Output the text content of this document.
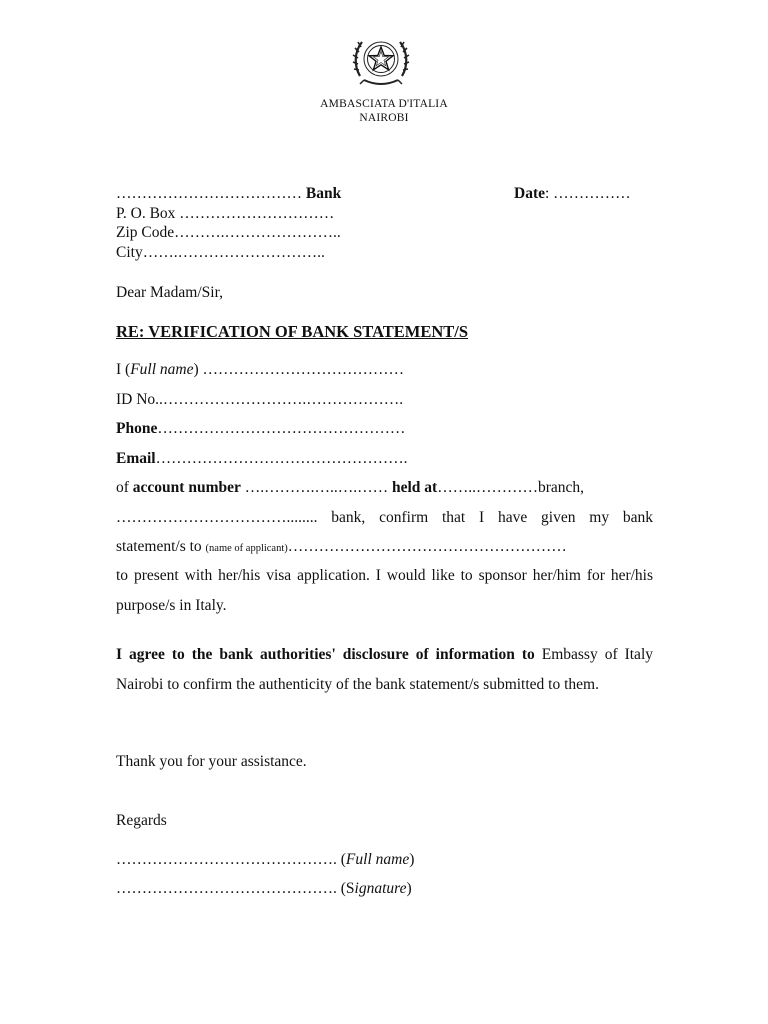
AMBASCIATA D'ITALIA
NAIROBI
……………………………… Bank	Date: ……………
P. O. Box …………………………
Zip Code……….…………………..
City…….………………………..
Dear Madam/Sir,
RE: VERIFICATION OF BANK STATEMENT/S
I (Full name) …………………………………
ID No..……………………….……………….
Phone…………………………………………
Email………………………………………….
of account number ….……….…..….…… held at……..…………branch,
……………………………........ bank, confirm that I have given my bank
statement/s to (name of applicant)………………………………………………
to present with her/his visa application. I would like to sponsor her/him for her/his purpose/s in Italy.
I agree to the bank authorities' disclosure of information to Embassy of Italy Nairobi to confirm the authenticity of the bank statement/s submitted to them.
Thank you for your assistance.
Regards
……………………………………. (Full name)
……………………………………. (Signature)
